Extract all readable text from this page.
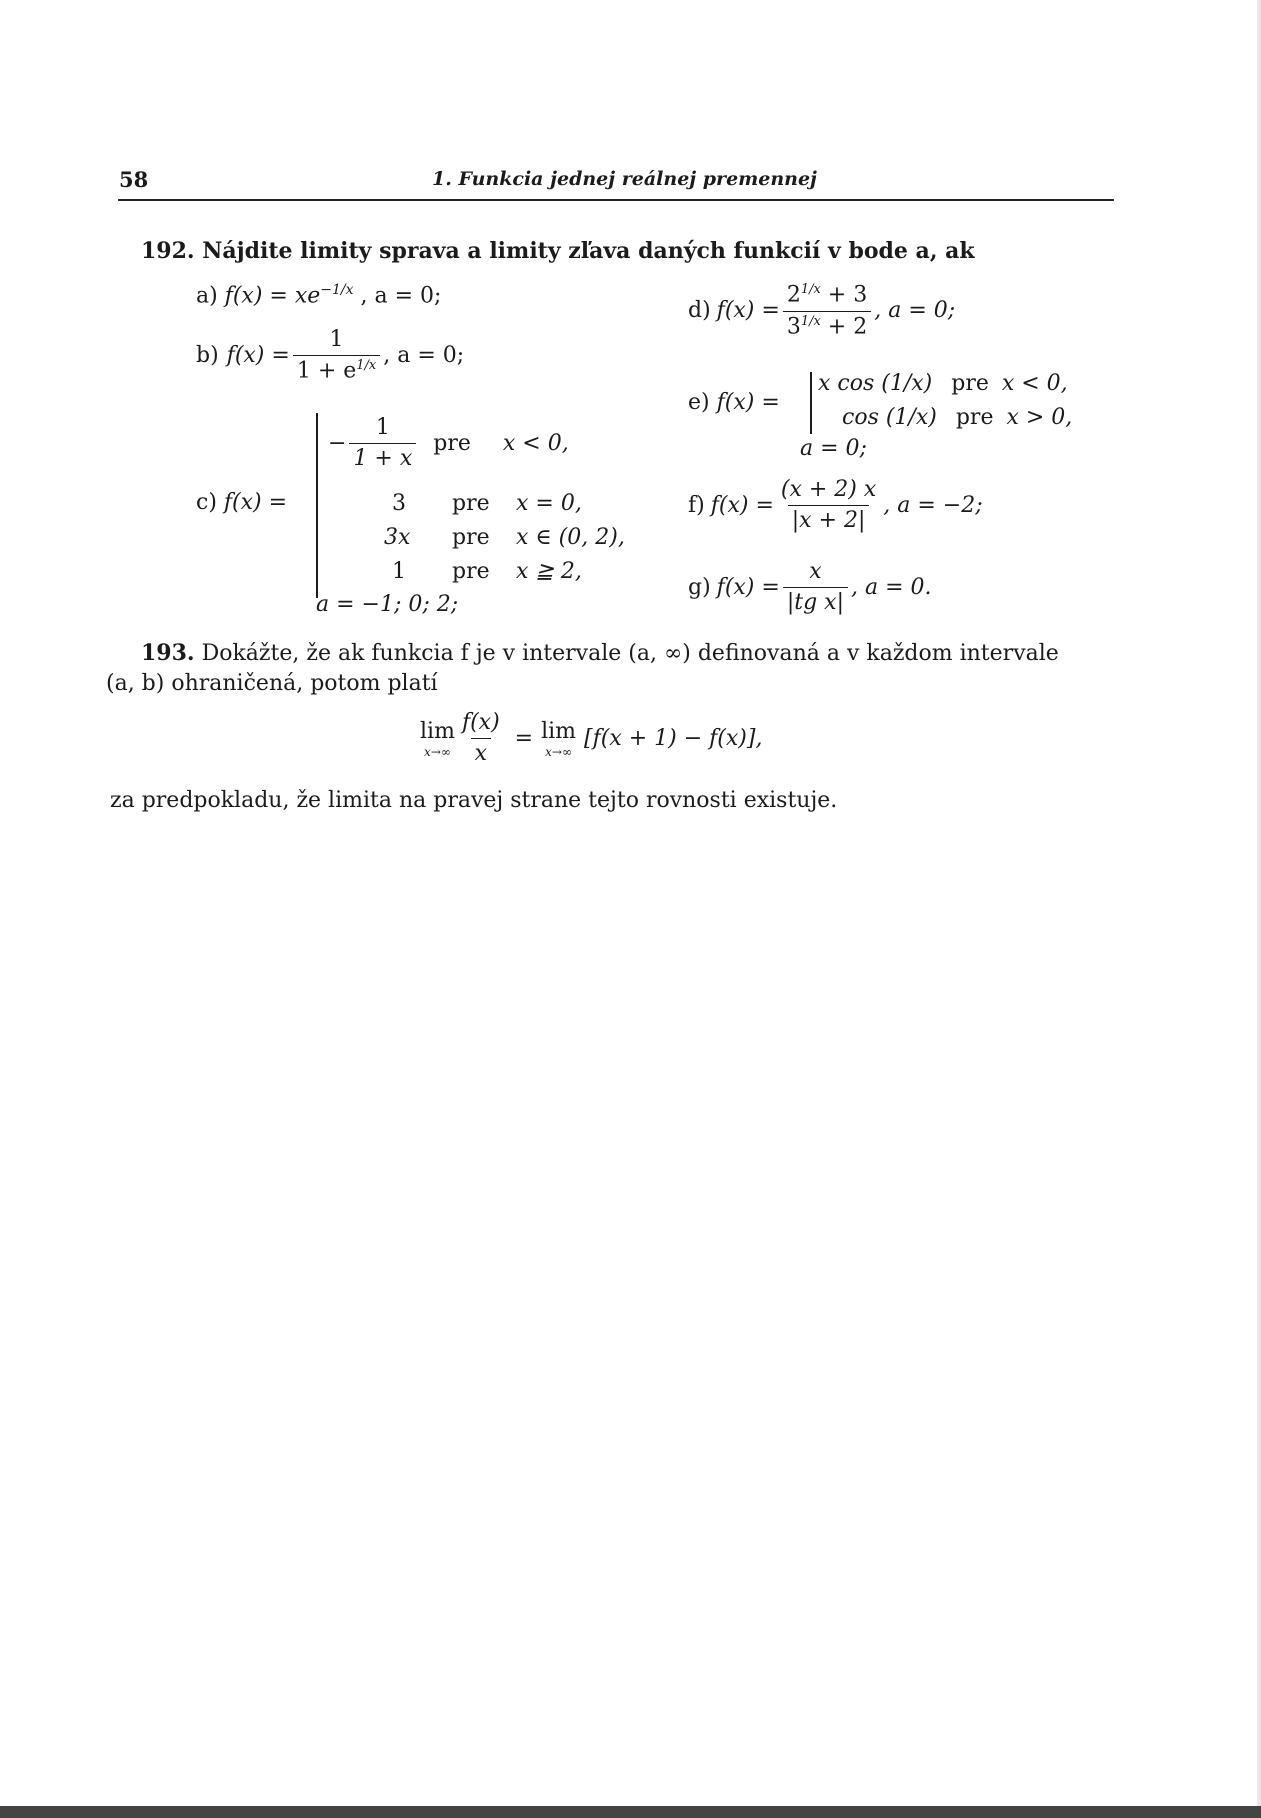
58	1. Funkcia jednej reálnej premennej
192. Nájdite limity sprava a limity zľava daných funkcií v bode a, ak
a) $f(x) = xe^{-1/x}$ , a = 0;
b) $f(x) = \frac{1}{1 + e^{1/x}}$ , a = 0;
c) f(x) =
− $\frac{1}{1 + x}$ pre x < 0,
3 pre x = 0,
3x pre x ∈ (0, 2),
1 pre x ≧ 2,
a = −1; 0; 2;
d) $f(x) = \frac{2^{1/x} + 3}{3^{1/x} + 2}$ , a = 0;
e) f(x) =
x cos (1/x) pre x < 0,
cos (1/x) pre x > 0,
a = 0;
f) $f(x) = \frac{(x + 2) x}{|x + 2|}$ , a = −2;
g) $f(x) = \frac{x}{\text{|tg x|}}$ , a = 0.
193. Dokážte, že ak funkcia f je v intervale (a, ∞) definovaná a v každom intervale
(a, b) ohraničená, potom platí
lim
$x\to\infty \frac{f(x)}{x} = \lim$
x→∞
[f(x + 1) − f(x)],
za predpokladu, že limita na pravej strane tejto rovnosti existuje.
